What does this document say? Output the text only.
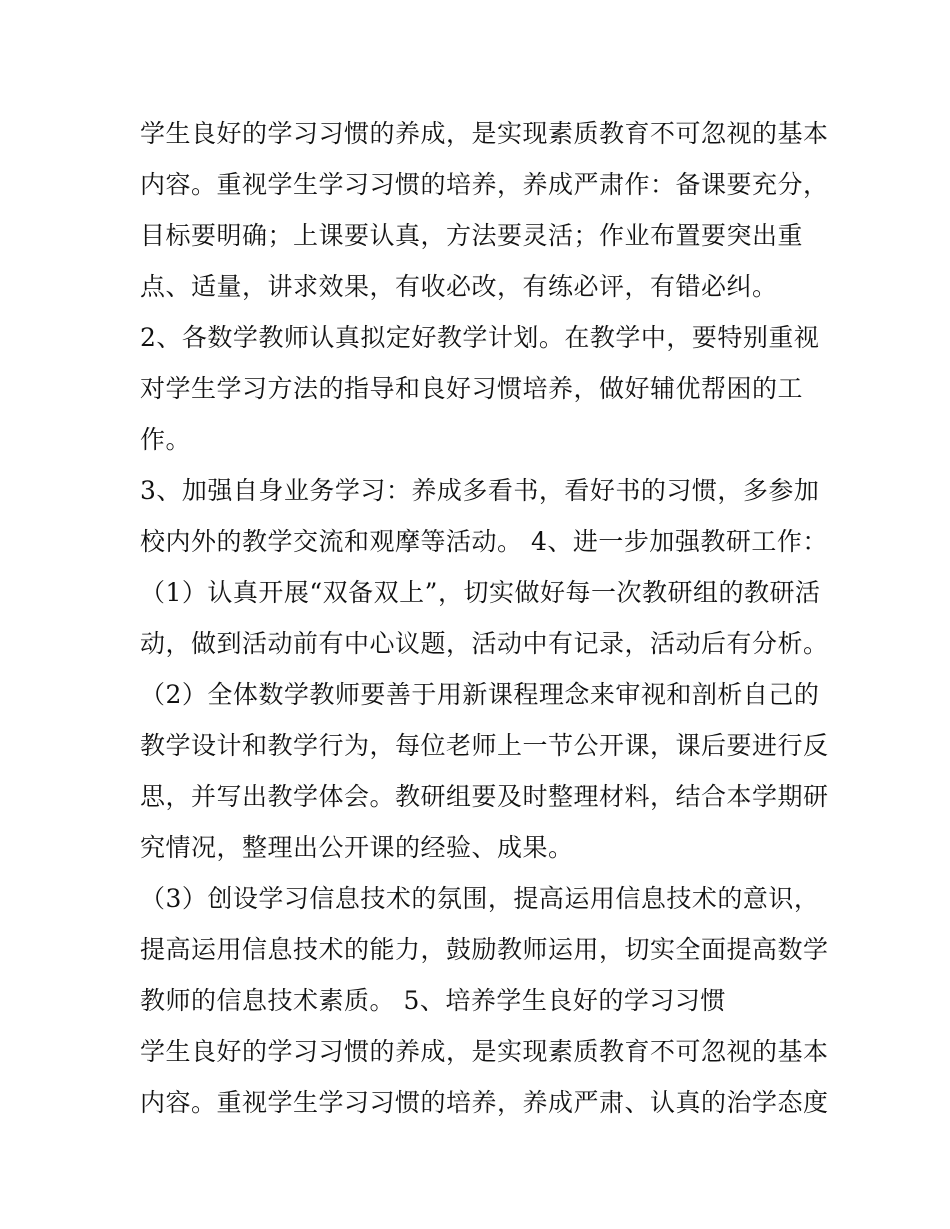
学生良好的学习习惯的养成，是实现素质教育不可忽视的基本
内容。重视学生学习习惯的培养，养成严肃作：备课要充分，
目标要明确；上课要认真，方法要灵活；作业布置要突出重
点、适量，讲求效果，有收必改，有练必评，有错必纠。
2、各数学教师认真拟定好教学计划。在教学中，要特别重视
对学生学习方法的指导和良好习惯培养，做好辅优帮困的工
作。
3、加强自身业务学习：养成多看书，看好书的习惯，多参加
校内外的教学交流和观摩等活动。 4、进一步加强教研工作：
（1）认真开展“双备双上”，切实做好每一次教研组的教研活
动，做到活动前有中心议题，活动中有记录，活动后有分析。
（2）全体数学教师要善于用新课程理念来审视和剖析自己的
教学设计和教学行为，每位老师上一节公开课，课后要进行反
思，并写出教学体会。教研组要及时整理材料，结合本学期研
究情况，整理出公开课的经验、成果。
（3）创设学习信息技术的氛围，提高运用信息技术的意识，
提高运用信息技术的能力，鼓励教师运用，切实全面提高数学
教师的信息技术素质。 5、培养学生良好的学习习惯
学生良好的学习习惯的养成，是实现素质教育不可忽视的基本
内容。重视学生学习习惯的培养，养成严肃、认真的治学态度
